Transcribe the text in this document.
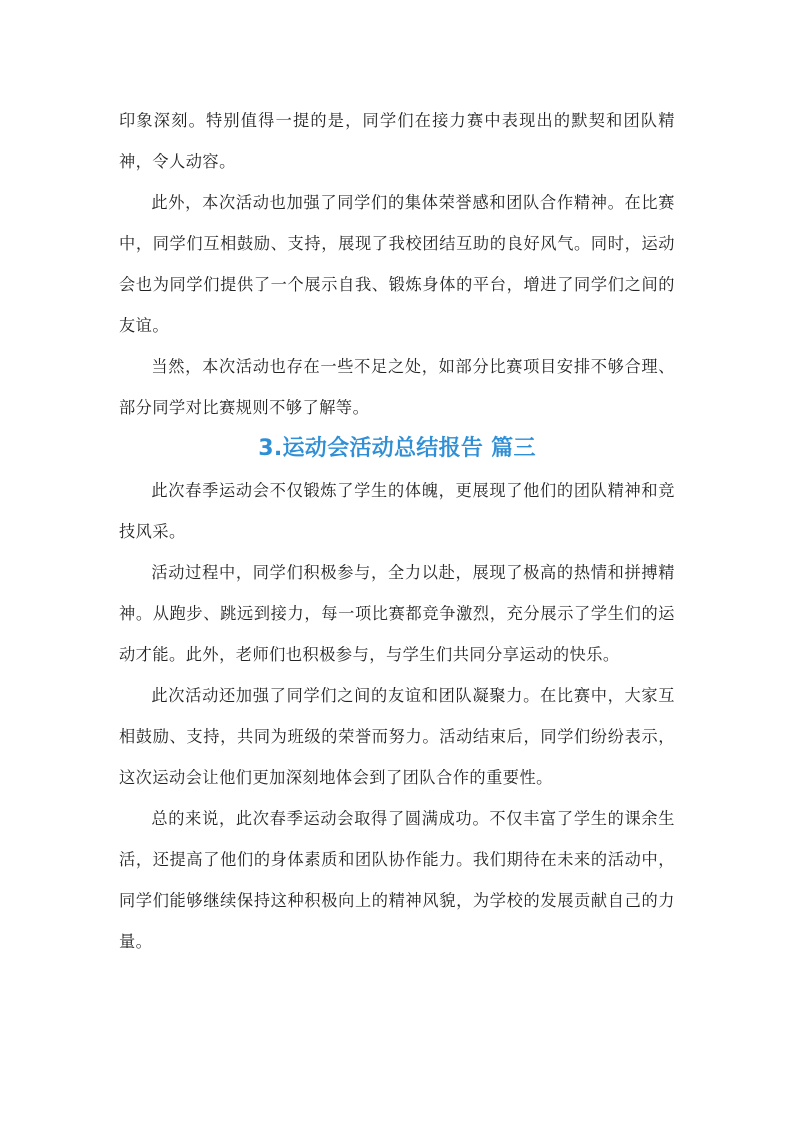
印象深刻。特别值得一提的是，同学们在接力赛中表现出的默契和团队精神，令人动容。

此外，本次活动也加强了同学们的集体荣誉感和团队合作精神。在比赛中，同学们互相鼓励、支持，展现了我校团结互助的良好风气。同时，运动会也为同学们提供了一个展示自我、锻炼身体的平台，增进了同学们之间的友谊。

当然，本次活动也存在一些不足之处，如部分比赛项目安排不够合理、部分同学对比赛规则不够了解等。

3.运动会活动总结报告 篇三

此次春季运动会不仅锻炼了学生的体魄，更展现了他们的团队精神和竞技风采。

活动过程中，同学们积极参与，全力以赴，展现了极高的热情和拼搏精神。从跑步、跳远到接力，每一项比赛都竞争激烈，充分展示了学生们的运动才能。此外，老师们也积极参与，与学生们共同分享运动的快乐。

此次活动还加强了同学们之间的友谊和团队凝聚力。在比赛中，大家互相鼓励、支持，共同为班级的荣誉而努力。活动结束后，同学们纷纷表示，这次运动会让他们更加深刻地体会到了团队合作的重要性。

总的来说，此次春季运动会取得了圆满成功。不仅丰富了学生的课余生活，还提高了他们的身体素质和团队协作能力。我们期待在未来的活动中，同学们能够继续保持这种积极向上的精神风貌，为学校的发展贡献自己的力量。
